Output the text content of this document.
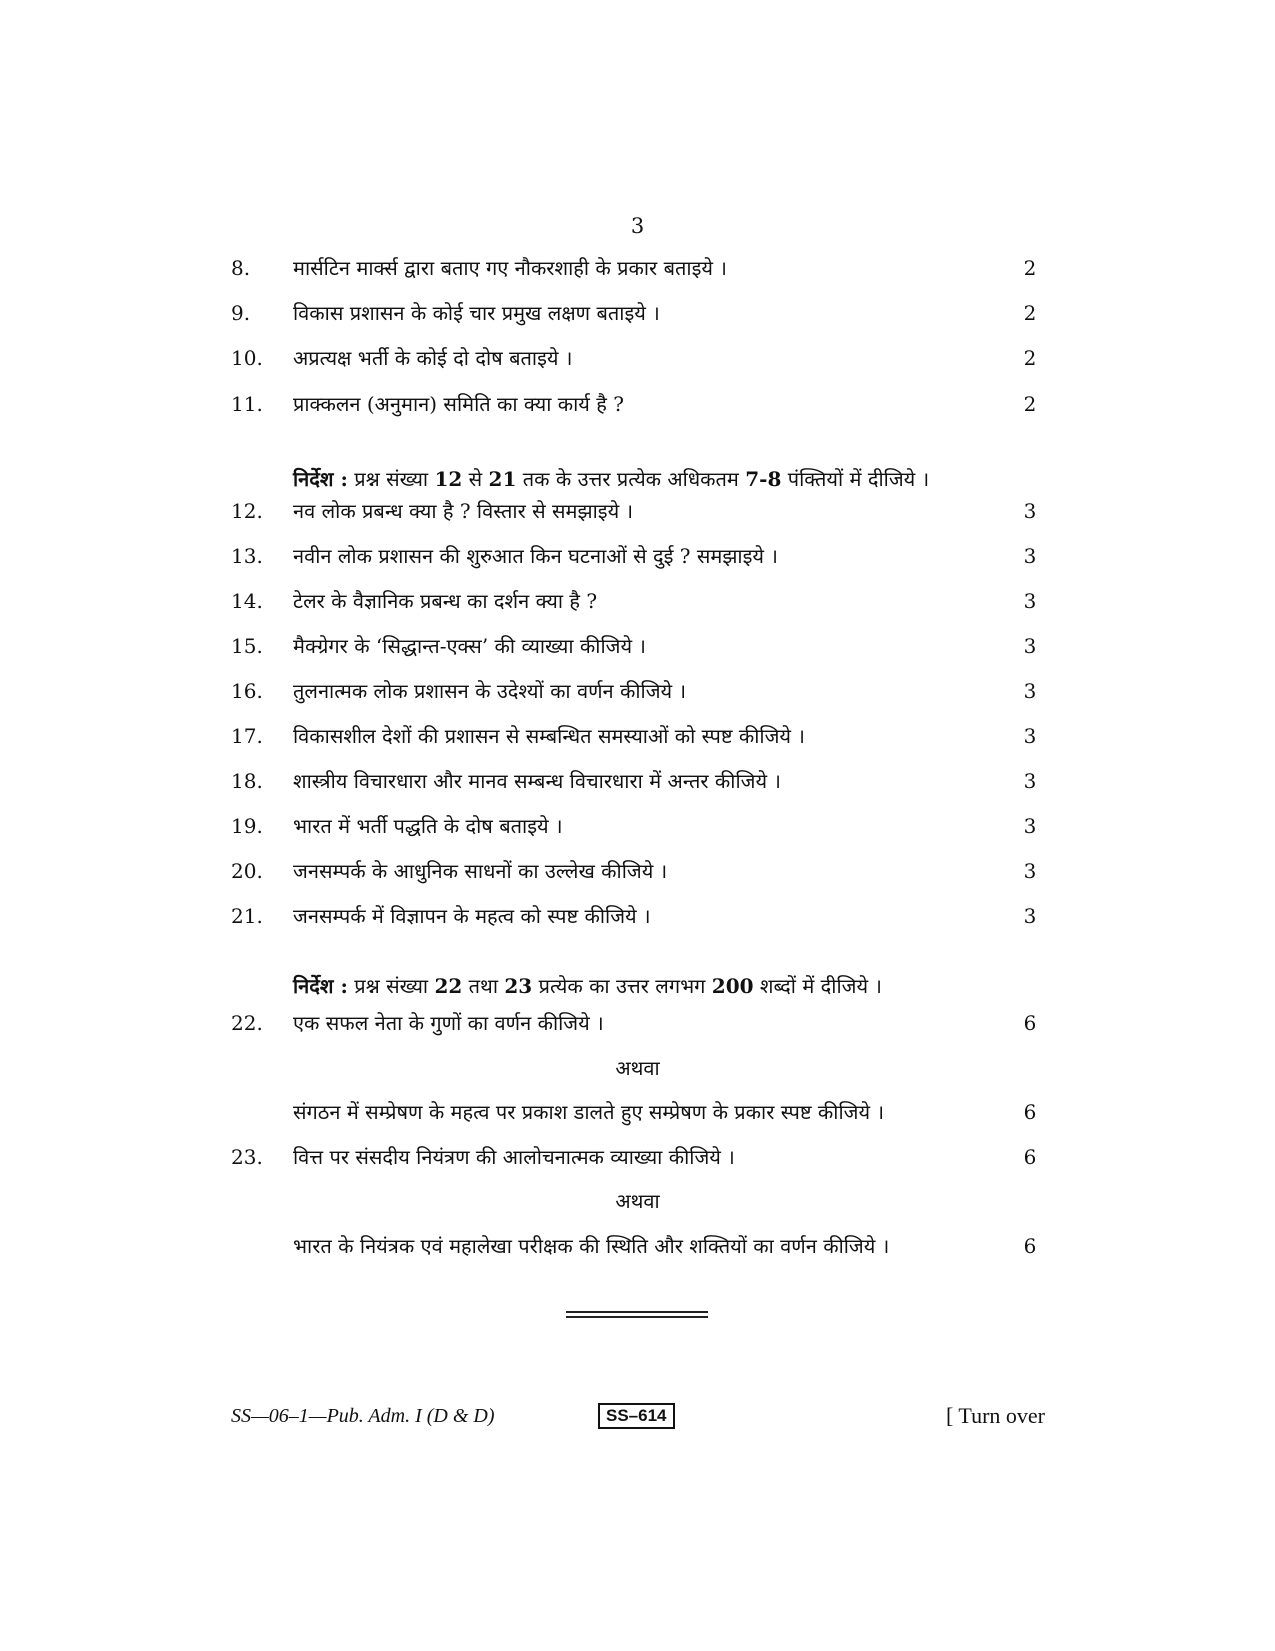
3
8.	मार्सटिन मार्क्स द्वारा बताए गए नौकरशाही के प्रकार बताइये ।	2
9.	विकास प्रशासन के कोई चार प्रमुख लक्षण बताइये ।	2
10.	अप्रत्यक्ष भर्ती के कोई दो दोष बताइये ।	2
11.	प्राक्कलन (अनुमान) समिति का क्या कार्य है ?	2
निर्देश : प्रश्न संख्या 12 से 21 तक के उत्तर प्रत्येक अधिकतम 7-8 पंक्तियों में दीजिये ।
12.	नव लोक प्रबन्ध क्या है ? विस्तार से समझाइये ।	3
13.	नवीन लोक प्रशासन की शुरुआत किन घटनाओं से दुई ? समझाइये ।	3
14.	टेलर के वैज्ञानिक प्रबन्ध का दर्शन क्या है ?	3
15.	मैक्ग्रेगर के ‘सिद्धान्त-एक्स’ की व्याख्या कीजिये ।	3
16.	तुलनात्मक लोक प्रशासन के उदेश्यों का वर्णन कीजिये ।	3
17.	विकासशील देशों की प्रशासन से सम्बन्धित समस्याओं को स्पष्ट कीजिये ।	3
18.	शास्त्रीय विचारधारा और मानव सम्बन्ध विचारधारा में अन्तर कीजिये ।	3
19.	भारत में भर्ती पद्धति के दोष बताइये ।	3
20.	जनसम्पर्क के आधुनिक साधनों का उल्लेख कीजिये ।	3
21.	जनसम्पर्क में विज्ञापन के महत्व को स्पष्ट कीजिये ।	3
निर्देश : प्रश्न संख्या 22 तथा 23 प्रत्येक का उत्तर लगभग 200 शब्दों में दीजिये ।
22.	एक सफल नेता के गुणों का वर्णन कीजिये ।	6
अथवा
संगठन में सम्प्रेषण के महत्व पर प्रकाश डालते हुए सम्प्रेषण के प्रकार स्पष्ट कीजिये ।	6
23.	वित्त पर संसदीय नियंत्रण की आलोचनात्मक व्याख्या कीजिये ।	6
अथवा
भारत के नियंत्रक एवं महालेखा परीक्षक की स्थिति और शक्तियों का वर्णन कीजिये ।	6
SS—06–1—Pub. Adm. I (D & D)	SS–614	[ Turn over
